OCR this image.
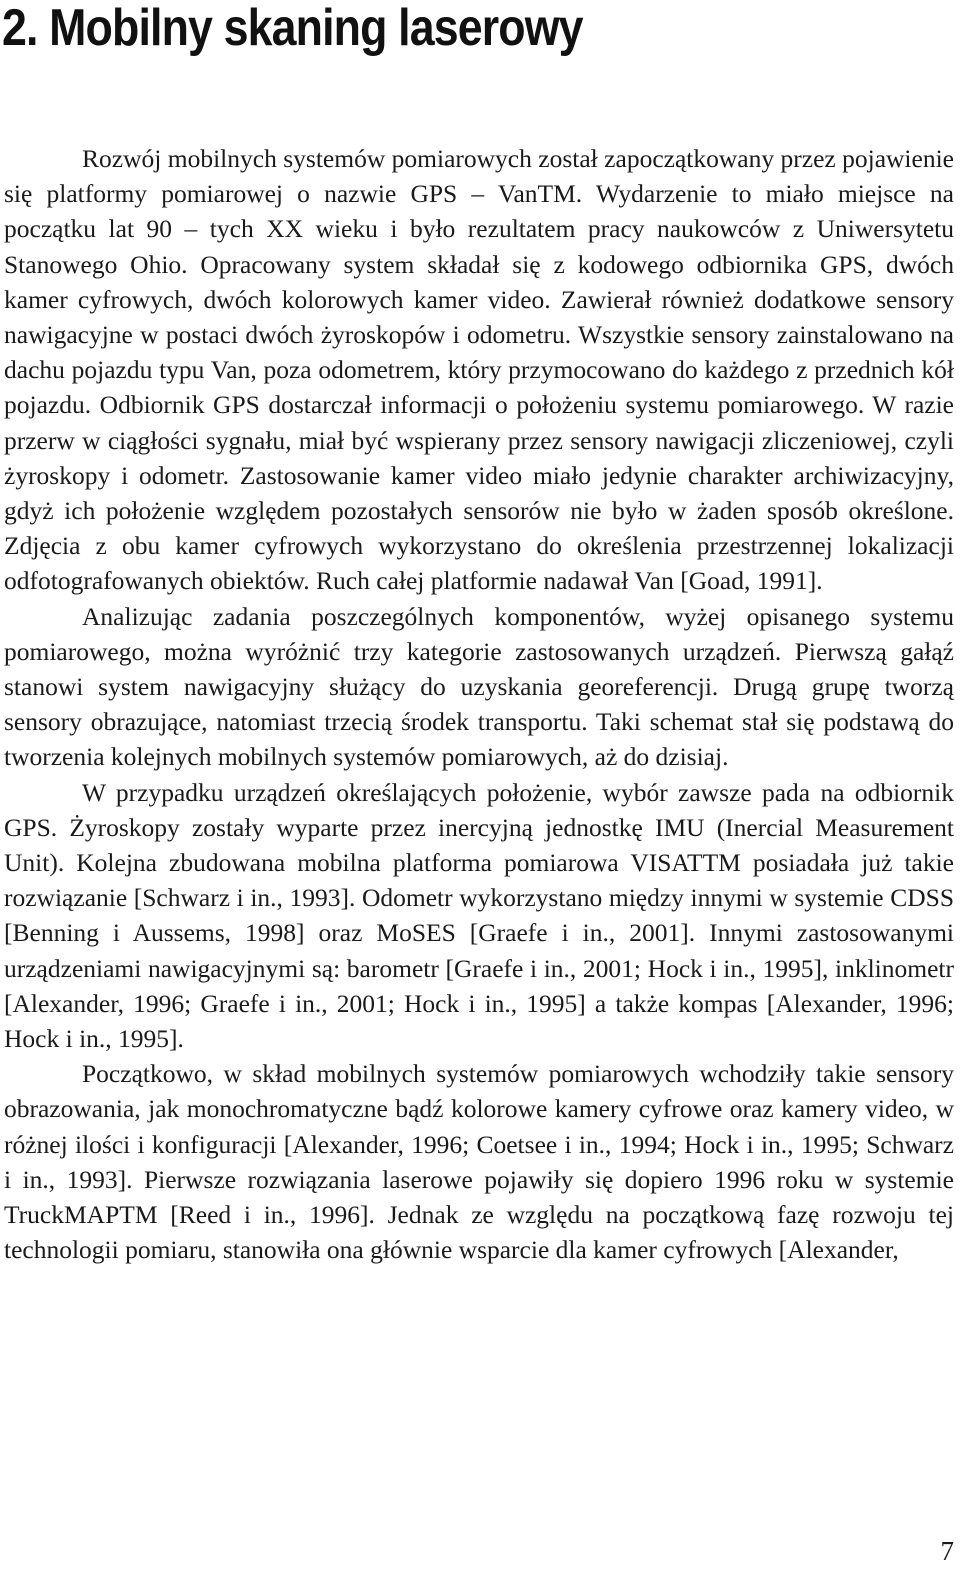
2. Mobilny skaning laserowy

Rozwój mobilnych systemów pomiarowych został zapoczątkowany przez pojawienie się platformy pomiarowej o nazwie GPS – VanTM. Wydarzenie to miało miejsce na początku lat 90 – tych XX wieku i było rezultatem pracy naukowców z Uniwersytetu Stanowego Ohio. Opracowany system składał się z kodowego odbiornika GPS, dwóch kamer cyfrowych, dwóch kolorowych kamer video. Zawierał również dodatkowe sensory nawigacyjne w postaci dwóch żyroskopów i odometru. Wszystkie sensory zainstalowano na dachu pojazdu typu Van, poza odometrem, który przymocowano do każdego z przednich kół pojazdu. Odbiornik GPS dostarczał informacji o położeniu systemu pomiarowego. W razie przerw w ciągłości sygnału, miał być wspierany przez sensory nawigacji zliczeniowej, czyli żyroskopy i odometr. Zastosowanie kamer video miało jedynie charakter archiwizacyjny, gdyż ich położenie względem pozostałych sensorów nie było w żaden sposób określone. Zdjęcia z obu kamer cyfrowych wykorzystano do określenia przestrzennej lokalizacji odfotografowanych obiektów. Ruch całej platformie nadawał Van [Goad, 1991].

Analizując zadania poszczególnych komponentów, wyżej opisanego systemu pomiarowego, można wyróżnić trzy kategorie zastosowanych urządzeń. Pierwszą gałąź stanowi system nawigacyjny służący do uzyskania georeferencji. Drugą grupę tworzą sensory obrazujące, natomiast trzecią środek transportu. Taki schemat stał się podstawą do tworzenia kolejnych mobilnych systemów pomiarowych, aż do dzisiaj.

W przypadku urządzeń określających położenie, wybór zawsze pada na odbiornik GPS. Żyroskopy zostały wyparte przez inercyjną jednostkę IMU (Inercial Measurement Unit). Kolejna zbudowana mobilna platforma pomiarowa VISATTM posiadała już takie rozwiązanie [Schwarz i in., 1993]. Odometr wykorzystano między innymi w systemie CDSS [Benning i Aussems, 1998] oraz MoSES [Graefe i in., 2001]. Innymi zastosowanymi urządzeniami nawigacyjnymi są: barometr [Graefe i in., 2001; Hock i in., 1995], inklinometr [Alexander, 1996; Graefe i in., 2001; Hock i in., 1995] a także kompas [Alexander, 1996; Hock i in., 1995].

Początkowo, w skład mobilnych systemów pomiarowych wchodziły takie sensory obrazowania, jak monochromatyczne bądź kolorowe kamery cyfrowe oraz kamery video, w różnej ilości i konfiguracji [Alexander, 1996; Coetsee i in., 1994; Hock i in., 1995; Schwarz i in., 1993]. Pierwsze rozwiązania laserowe pojawiły się dopiero 1996 roku w systemie TruckMAPTM [Reed i in., 1996]. Jednak ze względu na początkową fazę rozwoju tej technologii pomiaru, stanowiła ona głównie wsparcie dla kamer cyfrowych [Alexander,

7
